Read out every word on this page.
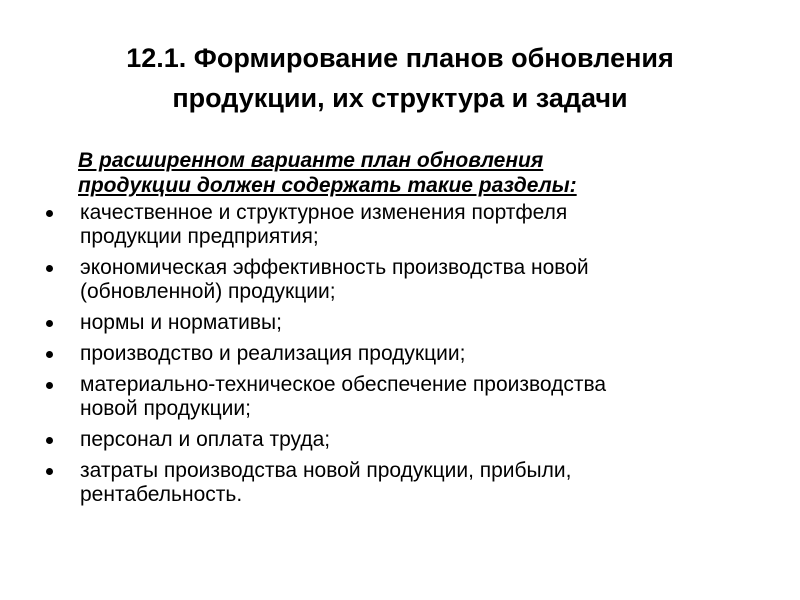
12.1. Формирование планов обновления
продукции, их структура и задачи
В расширенном варианте план обновления
продукции должен содержать такие разделы:
качественное и структурное изменения портфеля
продукции предприятия;
экономическая эффективность производства новой
(обновленной) продукции;
нормы и нормативы;
производство и реализация продукции;
материально-техническое обеспечение производства
новой продукции;
персонал и оплата труда;
затраты производства новой продукции, прибыли,
рентабельность.
